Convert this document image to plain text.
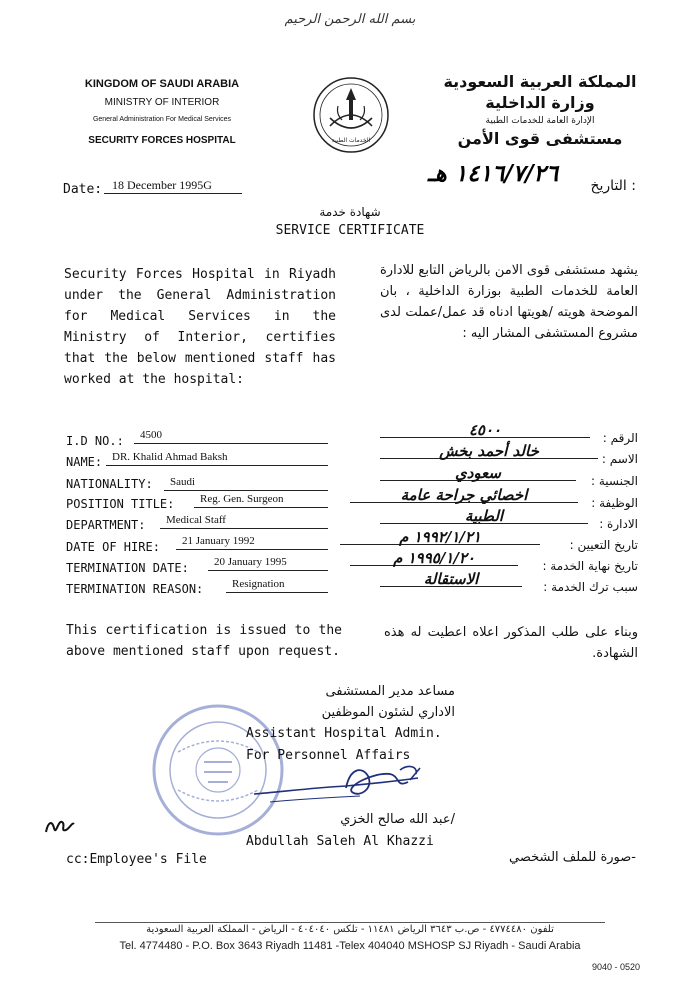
بسم الله الرحمن الرحيم
KINGDOM OF SAUDI ARABIA
MINISTRY OF INTERIOR
General Administration For Medical Services
SECURITY FORCES HOSPITAL	الخدمات الطبية
المملكة العربية السعودية
وزارة الداخلية
الإدارة العامة للخدمات الطبية
مستشفى قوى الأمن
Date: 18 December 1995G	١٤١٦/٧/٢٦ هـ	التاريخ :
شهادة خدمة
SERVICE CERTIFICATE
Security Forces Hospital in Riyadh under the General Administration for Medical Services in the Ministry of Interior, certifies that the below mentioned staff has worked at the hospital:
يشهد مستشفى قوى الامن بالرياض التابع للادارة العامة للخدمات الطبية بوزارة الداخلية ، بان الموضحة هويته /هويتها ادناه قد عمل/عملت لدى مشروع المستشفى المشار اليه :
I.D NO.:	4500
NAME: DR. Khalid Ahmad Baksh
NATIONALITY:	Saudi
POSITION TITLE:	Reg. Gen. Surgeon
DEPARTMENT:	Medical Staff
DATE OF HIRE:	21 January 1992
TERMINATION DATE:	20 January 1995
TERMINATION REASON:	Resignation
الرقم :
٤٥٠٠
الاسم :
خالد أحمد بخش
الجنسية :
سعودي
الوظيفة :
اخصائي جراحة عامة
الادارة :
الطبية
تاريخ التعيين :
١٩٩٢/١/٢١ م
تاريخ نهاية الخدمة :
١٩٩٥/١/٢٠ م
سبب ترك الخدمة :
الاستقالة
This certification is issued to the above mentioned staff upon request.
وبناء على طلب المذكور اعلاه اعطيت له هذه الشهادة.
مساعد مدير المستشفى
الاداري لشئون الموظفين
Assistant Hospital Admin.
For Personnel Affairs
/عبد الله صالح الخزي
Abdullah Saleh Al Khazzi
cc:Employee's File	-صورة للملف الشخصي
تلفون ٤٧٧٤٤٨٠ - ص.ب ٣٦٤٣ الرياض ١١٤٨١ - تلكس ٤٠٤٠٤٠ - الرياض - المملكة العربية السعودية
Tel. 4774480 - P.O. Box 3643 Riyadh 11481 -Telex 404040 MSHOSP SJ Riyadh - Saudi Arabia
9040 - 0520
